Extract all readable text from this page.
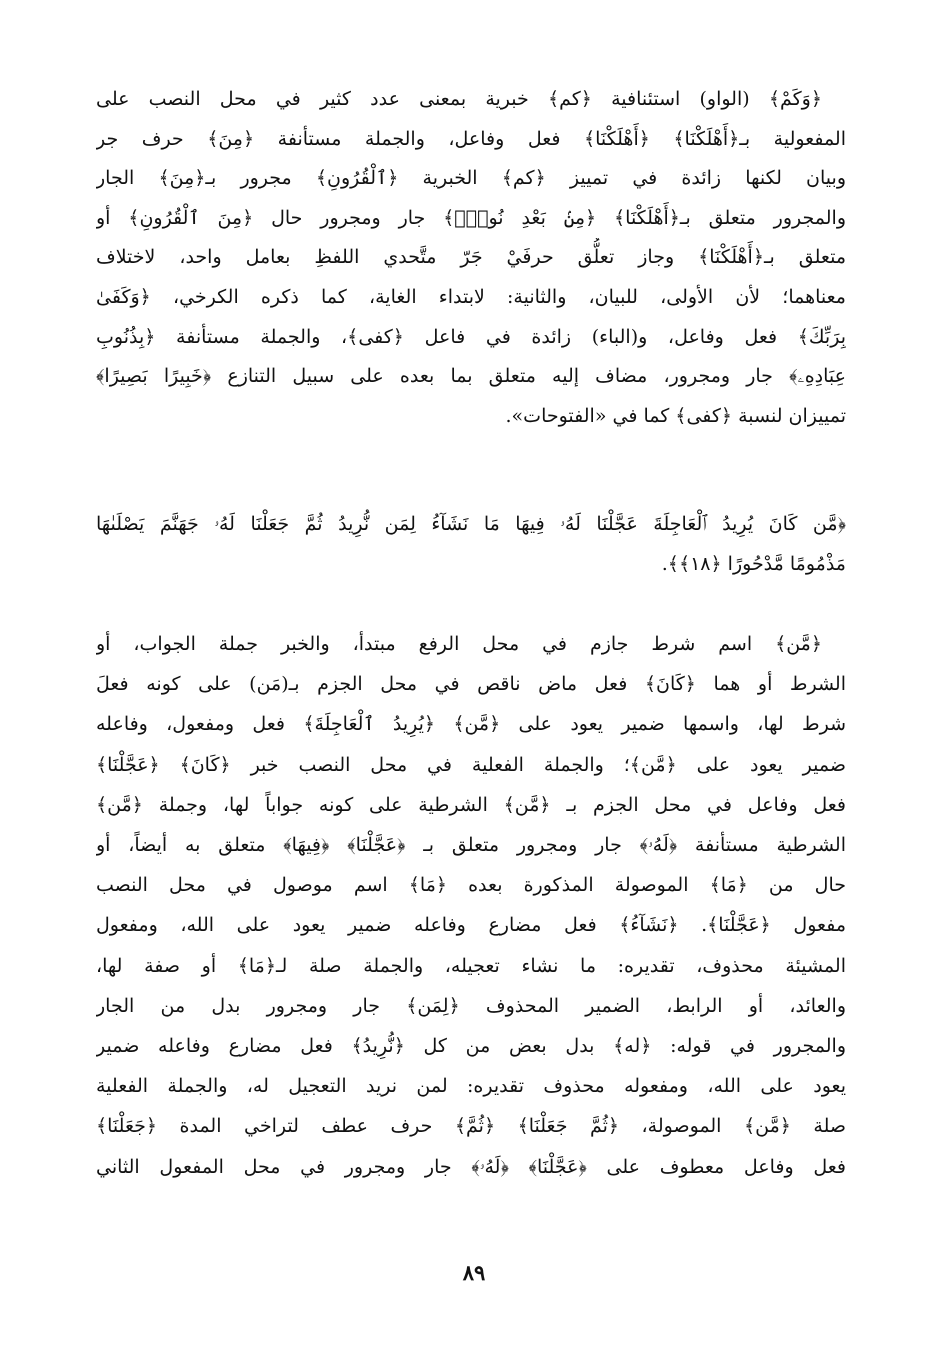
﴿وَكَمْ﴾ (الواو) استئنافية ﴿كم﴾ خبرية بمعنى عدد كثير في محل النصب على
المفعولية بـ﴿أَهْلَكْنَا﴾ ﴿أَهْلَكْنَا﴾ فعل وفاعل، والجملة مستأنفة ﴿مِنَ﴾ حرف جر
وبيان لكنها زائدة في تمييز ﴿كم﴾ الخبرية ﴿ٱلْقُرُونِ﴾ مجرور بـ﴿مِنَ﴾ الجار
والمجرور متعلق بـ﴿أَهْلَكْنَا﴾ ﴿مِنۢ بَعْدِ نُوحٍۗ﴾ جار ومجرور حال ﴿مِنَ ٱلْقُرُونِ﴾ أو
متعلق بـ﴿أَهْلَكْنَا﴾ وجاز تعلُّق حرفَيْ جَرّ متَّحدي اللفظِ بعامل واحد، لاختلاف
معناهما؛ لأن الأولى، للبيان، والثانية: لابتداء الغاية، كما ذكره الكرخي، ﴿وَكَفَىٰ
بِرَبِّكَ﴾ فعل وفاعل، و(الباء) زائدة في فاعل ﴿كفى﴾، والجملة مستأنفة ﴿بِذُنُوبِ
عِبَادِهِۦ﴾ جار ومجرور، مضاف إليه متعلق بما بعده على سبيل التنازع ﴿خَبِيرًا بَصِيرًا﴾
تمييزان لنسبة ﴿كفى﴾ كما في «الفتوحات».

﴿مَّن كَانَ يُرِيدُ ٱلْعَاجِلَةَ عَجَّلْنَا لَهُۥ فِيهَا مَا نَشَآءُ لِمَن نُّرِيدُ ثُمَّ جَعَلْنَا لَهُۥ جَهَنَّمَ يَصْلَىٰهَا
مَذْمُومًا مَّدْحُورًا ﴿١٨﴾﴾.

﴿مَّن﴾ اسم شرط جازم في محل الرفع مبتدأ، والخبر جملة الجواب، أو
الشرط أو هما ﴿كَانَ﴾ فعل ماض ناقص في محل الجزم بـ(مَن) على كونه فعلَ
شرط لها، واسمها ضمير يعود على ﴿مَّن﴾ ﴿يُرِيدُ ٱلْعَاجِلَةَ﴾ فعل ومفعول، وفاعله
ضمير يعود على ﴿مَّن﴾؛ والجملة الفعلية في محل النصب خبر ﴿كَانَ﴾ ﴿عَجَّلْنَا﴾
فعل وفاعل في محل الجزم بـ ﴿مَّن﴾ الشرطية على كونه جواباً لها، وجملة ﴿مَّن﴾
الشرطية مستأنفة ﴿لَهُۥ﴾ جار ومجرور متعلق بـ ﴿عَجَّلْنَا﴾ ﴿فِيهَا﴾ متعلق به أيضاً، أو
حال من ﴿مَا﴾ الموصولة المذكورة بعده ﴿مَا﴾ اسم موصول في محل النصب
مفعول ﴿عَجَّلْنَا﴾. ﴿نَشَآءُ﴾ فعل مضارع وفاعله ضمير يعود على الله، ومفعول
المشيئة محذوف، تقديره: ما نشاء تعجيله، والجملة صلة لـ﴿مَا﴾ أو صفة لها،
والعائد، أو الرابط، الضمير المحذوف ﴿لِمَن﴾ جار ومجرور بدل من الجار
والمجرور في قوله: ﴿له﴾ بدل بعض من كل ﴿نُّرِيدُ﴾ فعل مضارع وفاعله ضمير
يعود على الله، ومفعوله محذوف تقديره: لمن نريد التعجيل له، والجملة الفعلية
صلة ﴿مَّن﴾ الموصولة، ﴿ثُمَّ جَعَلْنَا﴾ ﴿ثُمَّ﴾ حرف عطف لتراخي المدة ﴿جَعَلْنَا﴾
فعل وفاعل معطوف على ﴿عَجَّلْنَا﴾ ﴿لَهُۥ﴾ جار ومجرور في محل المفعول الثاني

٨٩
